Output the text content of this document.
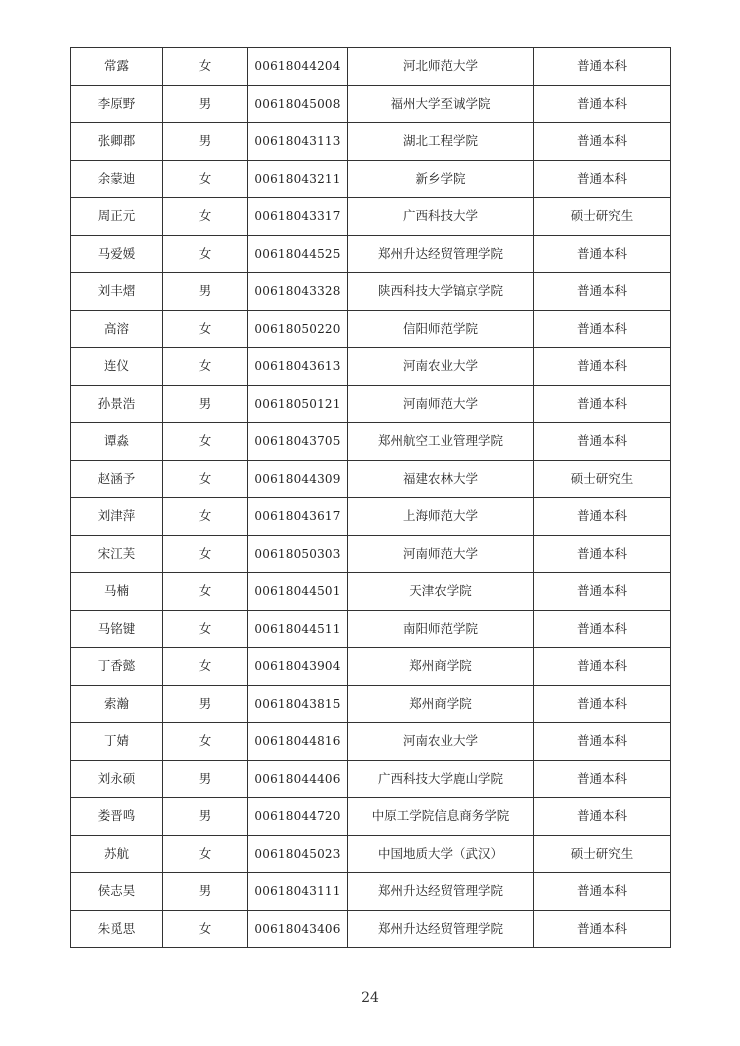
常露	女	00618044204	河北师范大学	普通本科
李原野	男	00618045008	福州大学至诚学院	普通本科
张卿郡	男	00618043113	湖北工程学院	普通本科
余蒙迪	女	00618043211	新乡学院	普通本科
周正元	女	00618043317	广西科技大学	硕士研究生
马爱媛	女	00618044525	郑州升达经贸管理学院	普通本科
刘丰熠	男	00618043328	陕西科技大学镐京学院	普通本科
高溶	女	00618050220	信阳师范学院	普通本科
连仪	女	00618043613	河南农业大学	普通本科
孙景浩	男	00618050121	河南师范大学	普通本科
谭淼	女	00618043705	郑州航空工业管理学院	普通本科
赵涵予	女	00618044309	福建农林大学	硕士研究生
刘津萍	女	00618043617	上海师范大学	普通本科
宋江芙	女	00618050303	河南师范大学	普通本科
马楠	女	00618044501	天津农学院	普通本科
马铭键	女	00618044511	南阳师范学院	普通本科
丁香懿	女	00618043904	郑州商学院	普通本科
索瀚	男	00618043815	郑州商学院	普通本科
丁婧	女	00618044816	河南农业大学	普通本科
刘永硕	男	00618044406	广西科技大学鹿山学院	普通本科
娄晋鸣	男	00618044720	中原工学院信息商务学院	普通本科
苏航	女	00618045023	中国地质大学（武汉）	硕士研究生
侯志昊	男	00618043111	郑州升达经贸管理学院	普通本科
朱觅思	女	00618043406	郑州升达经贸管理学院	普通本科
24
